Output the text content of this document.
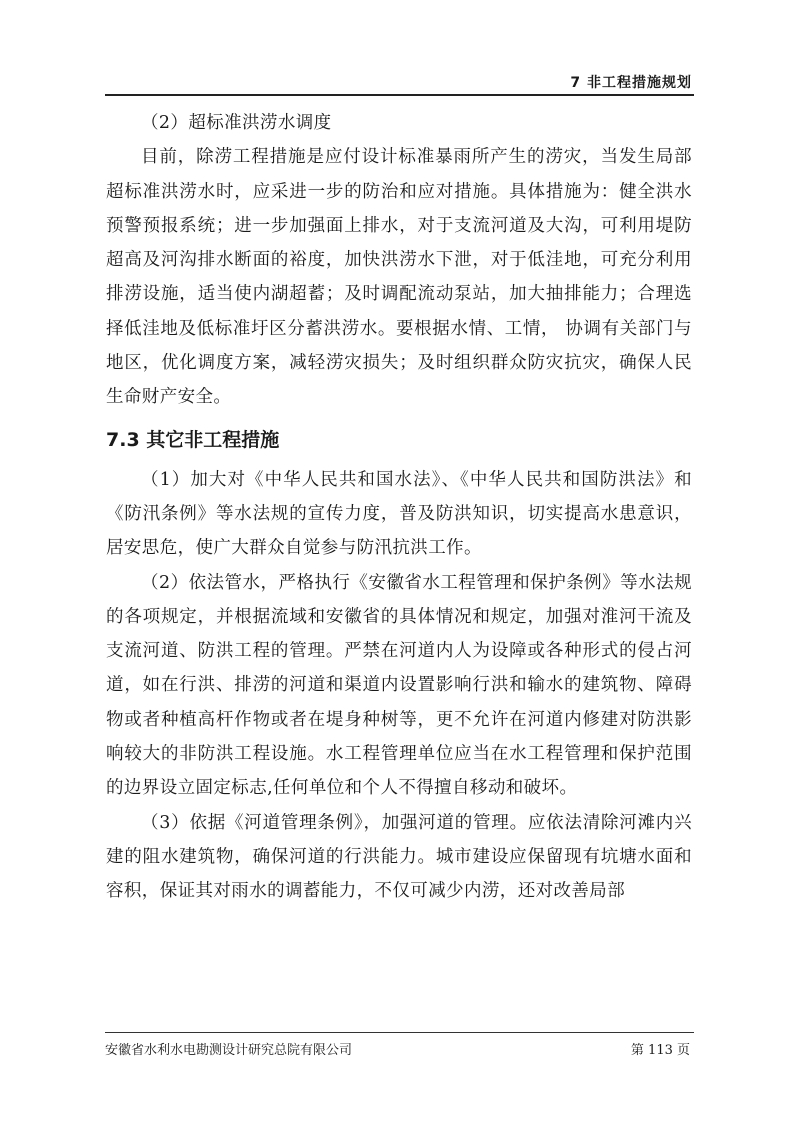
7 非工程措施规划

（2）超标准洪涝水调度

目前，除涝工程措施是应付设计标准暴雨所产生的涝灾，当发生局部超标准洪涝水时，应采进一步的防治和应对措施。具体措施为：健全洪水预警预报系统；进一步加强面上排水，对于支流河道及大沟，可利用堤防超高及河沟排水断面的裕度，加快洪涝水下泄，对于低洼地，可充分利用排涝设施，适当使内湖超蓄；及时调配流动泵站，加大抽排能力；合理选择低洼地及低标准圩区分蓄洪涝水。要根据水情、工情， 协调有关部门与地区，优化调度方案，减轻涝灾损失；及时组织群众防灾抗灾，确保人民生命财产安全。

7.3 其它非工程措施

（1）加大对《中华人民共和国水法》、《中华人民共和国防洪法》和《防汛条例》等水法规的宣传力度，普及防洪知识，切实提高水患意识，居安思危，使广大群众自觉参与防汛抗洪工作。

（2）依法管水，严格执行《安徽省水工程管理和保护条例》等水法规的各项规定，并根据流域和安徽省的具体情况和规定，加强对淮河干流及支流河道、防洪工程的管理。严禁在河道内人为设障或各种形式的侵占河道，如在行洪、排涝的河道和渠道内设置影响行洪和输水的建筑物、障碍物或者种植高杆作物或者在堤身种树等，更不允许在河道内修建对防洪影响较大的非防洪工程设施。水工程管理单位应当在水工程管理和保护范围的边界设立固定标志,任何单位和个人不得擅自移动和破坏。

（3）依据《河道管理条例》，加强河道的管理。应依法清除河滩内兴建的阻水建筑物，确保河道的行洪能力。城市建设应保留现有坑塘水面和容积，保证其对雨水的调蓄能力，不仅可减少内涝，还对改善局部

安徽省水利水电勘测设计研究总院有限公司	第 113 页
